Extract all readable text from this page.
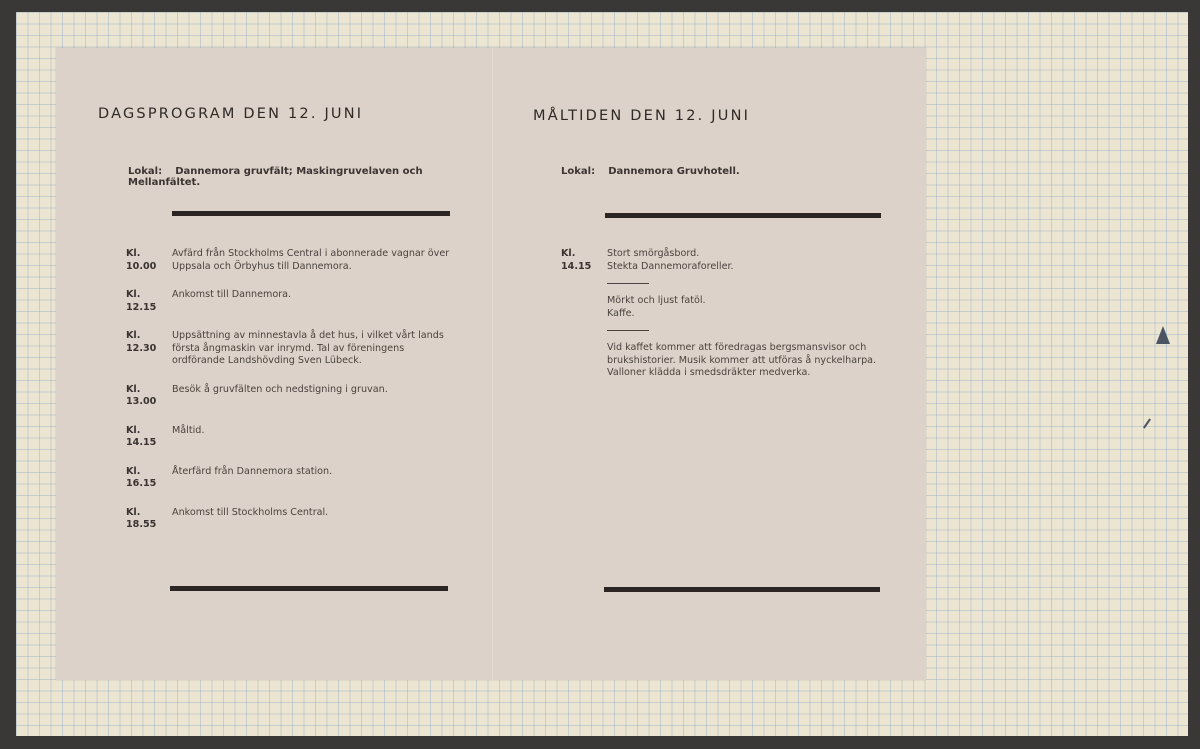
DAGSPROGRAM DEN 12. JUNI
Lokal: Dannemora gruvfält; Maskingruvelaven och Mellanfältet.
Kl. 10.00
Avfärd från Stockholms Central i abonnerade vagnar över Uppsala och Örbyhus till Dannemora.
Kl. 12.15
Ankomst till Dannemora.
Kl. 12.30
Uppsättning av minnestavla å det hus, i vilket vårt lands första ångmaskin var inrymd. Tal av föreningens ordförande Landshövding Sven Lübeck.
Kl. 13.00
Besök å gruvfälten och nedstigning i gruvan.
Kl. 14.15
Måltid.
Kl. 16.15
Återfärd från Dannemora station.
Kl. 18.55
Ankomst till Stockholms Central.
MÅLTIDEN DEN 12. JUNI
Lokal: Dannemora Gruvhotell.
Kl. 14.15

Stort smörgåsbord.

Stekta Dannemoraforeller.

Mörkt och ljust fatöl.

Kaffe.

Vid kaffet kommer att föredragas bergsmansvisor och brukshistorier. Musik kommer att utföras å nyckelharpa. Valloner klädda i smedsdräkter medverka.
